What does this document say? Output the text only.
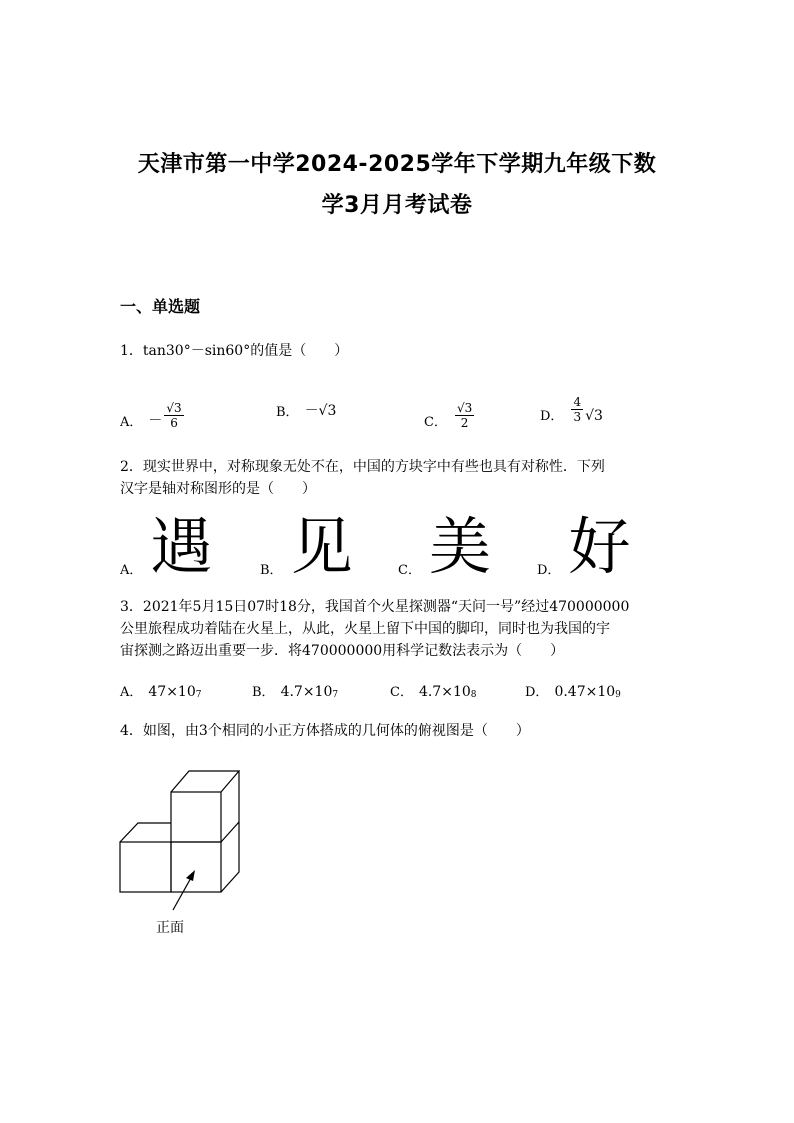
天津市第一中学2024-2025学年下学期九年级下数
学3月月考试卷
一、单选题
1．tan30°－sin60°的值是（　　）
A． － $\frac{√3}{6}$	B． －√3
C． $\frac{√3}{2}$	D． $\frac{4}{3} √3$
2．现实世界中，对称现象无处不在，中国的方块字中有些也具有对称性．下列
汉字是轴对称图形的是（　　）
A． 遇	B． 见	C． 美	D． 好
3．2021年5月15日07时18分，我国首个火星探测器“天问一号”经过470000000
公里旅程成功着陆在火星上，从此，火星上留下中国的脚印，同时也为我国的宇
宙探测之路迈出重要一步．将470000000用科学记数法表示为（　　）
A． $47\times 10_7$	B． $4.7\times 10_7$	C． $4.7\times 10_8$	D． $0.47\times 10_9$
4．如图，由3个相同的小正方体搭成的几何体的俯视图是（　　）
正面
